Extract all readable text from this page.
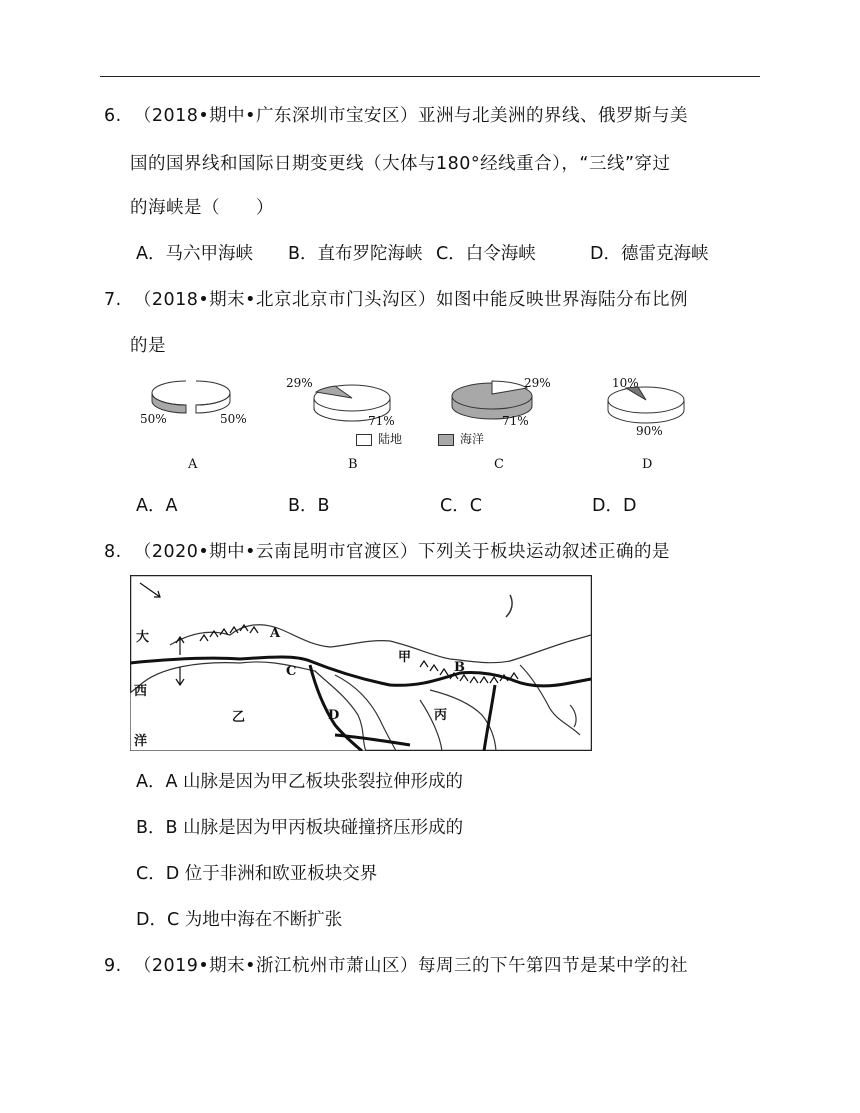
6.  （2018•期中•广东深圳市宝安区）亚洲与北美洲的界线、俄罗斯与美
国的国界线和国际日期变更线（大体与180°经线重合），“三线”穿过
的海峡是（　　）
A．马六甲海峡 B．直布罗陀海峡 C．白令海峡	D．德雷克海峡
7.  （2018•期末•北京北京市门头沟区）如图中能反映世界海陆分布比例
的是
50%	50%
29%
71%
29%
71%
10%
90%
陆地	海洋
A	B	C	D
A．A	B．B	C．C	D．D
8.  （2020•期中•云南昆明市官渡区）下列关于板块运动叙述正确的是
大
西
洋
A
B
C
D
甲
乙	丙
A．A 山脉是因为甲乙板块张裂拉伸形成的
B．B 山脉是因为甲丙板块碰撞挤压形成的
C．D 位于非洲和欧亚板块交界
D．C 为地中海在不断扩张
9.  （2019•期末•浙江杭州市萧山区）每周三的下午第四节是某中学的社
